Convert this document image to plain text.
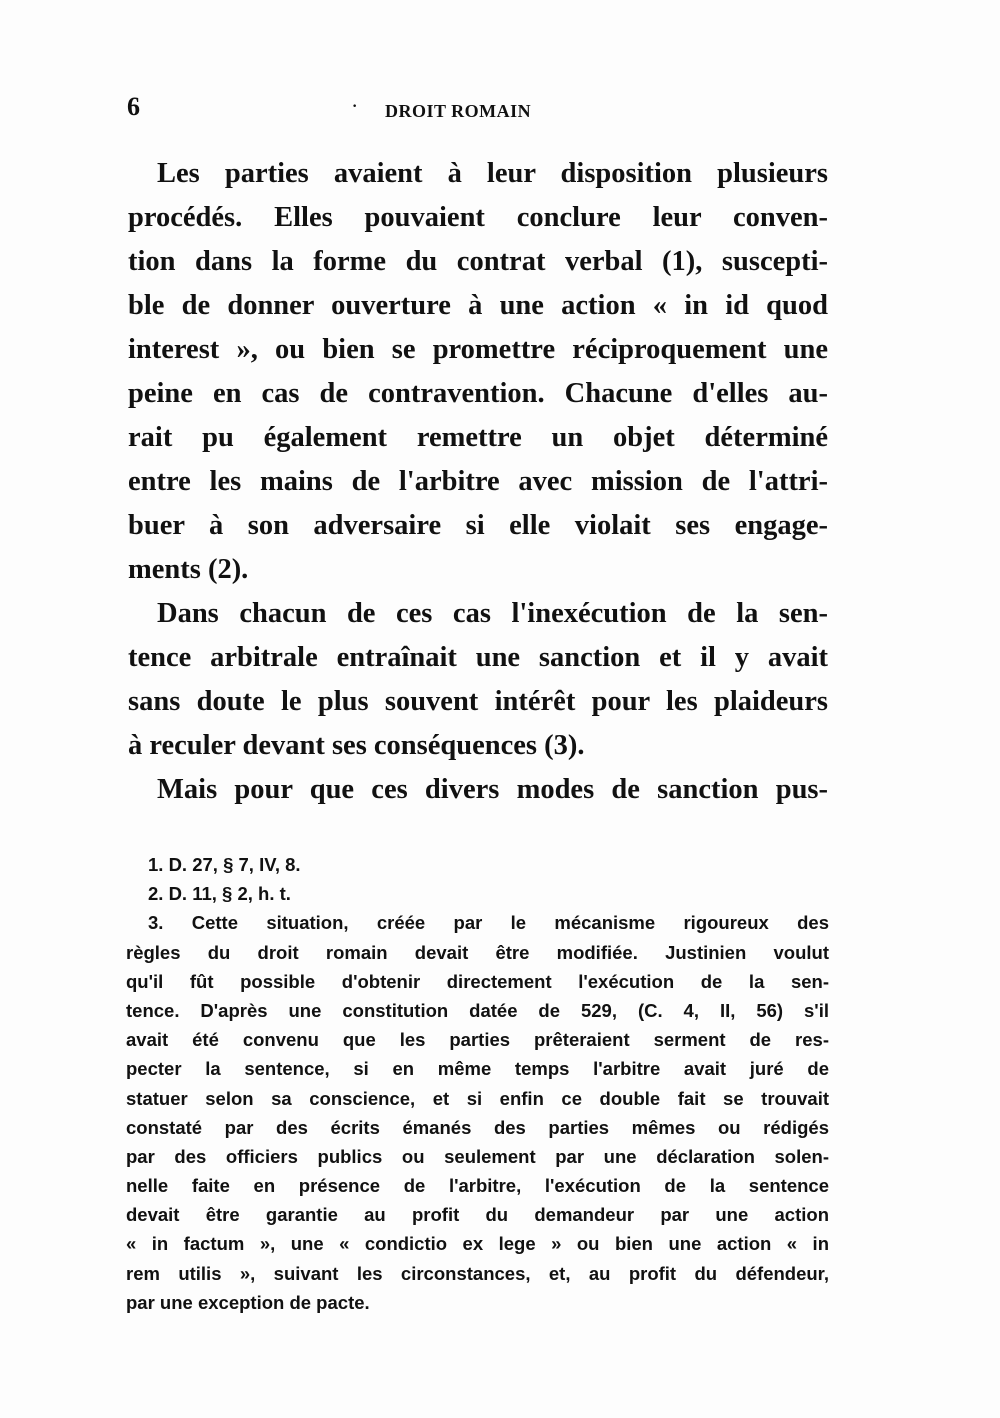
6	· DROIT ROMAIN
Les parties avaient à leur disposition plusieurs
procédés. Elles pouvaient conclure leur conven-
tion dans la forme du contrat verbal (1), suscepti-
ble de donner ouverture à une action « in id quod
interest », ou bien se promettre réciproquement une
peine en cas de contravention. Chacune d'elles au-
rait pu également remettre un objet déterminé
entre les mains de l'arbitre avec mission de l'attri-
buer à son adversaire si elle violait ses engage-
ments (2).
Dans chacun de ces cas l'inexécution de la sen-
tence arbitrale entraînait une sanction et il y avait
sans doute le plus souvent intérêt pour les plaideurs
à reculer devant ses conséquences (3).
Mais pour que ces divers modes de sanction pus-
1. D. 27, § 7, IV, 8.
2. D. 11, § 2, h. t.
3. Cette situation, créée par le mécanisme rigoureux des
règles du droit romain devait être modifiée. Justinien voulut
qu'il fût possible d'obtenir directement l'exécution de la sen-
tence. D'après une constitution datée de 529, (C. 4, II, 56) s'il
avait été convenu que les parties prêteraient serment de res-
pecter la sentence, si en même temps l'arbitre avait juré de
statuer selon sa conscience, et si enfin ce double fait se trouvait
constaté par des écrits émanés des parties mêmes ou rédigés
par des officiers publics ou seulement par une déclaration solen-
nelle faite en présence de l'arbitre, l'exécution de la sentence
devait être garantie au profit du demandeur par une action
« in factum », une « condictio ex lege » ou bien une action « in
rem utilis », suivant les circonstances, et, au profit du défendeur,
par une exception de pacte.
